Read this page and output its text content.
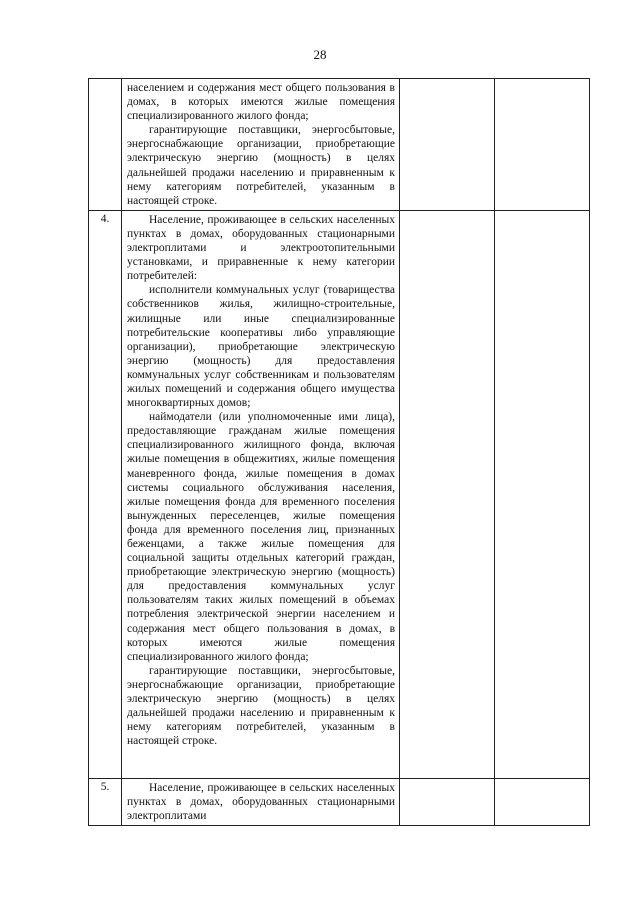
28

	населением и содержания мест общего пользования в домах, в которых имеются жилые помещения специализированного жилого фонда;

гарантирующие поставщики, энергосбытовые, энергоснабжающие организации, приобретающие электрическую энергию (мощность) в целях дальнейшей продажи населению и приравненным к нему категориям потребителей, указанным в настоящей строке.		

4.	Население, проживающее в сельских населенных пунктах в домах, оборудованных стационарными электроплитами и электроотопительными установками, и приравненные к нему категории потребителей:

исполнители коммунальных услуг (товарищества собственников жилья, жилищно-строительные, жилищные или иные специализированные потребительские кооперативы либо управляющие организации), приобретающие электрическую энергию (мощность) для предоставления коммунальных услуг собственникам и пользователям жилых помещений и содержания общего имущества многоквартирных домов;

наймодатели (или уполномоченные ими лица), предоставляющие гражданам жилые помещения специализированного жилищного фонда, включая жилые помещения в общежитиях, жилые помещения маневренного фонда, жилые помещения в домах системы социального обслуживания населения, жилые помещения фонда для временного поселения вынужденных переселенцев, жилые помещения фонда для временного поселения лиц, признанных беженцами, а также жилые помещения для социальной защиты отдельных категорий граждан, приобретающие электрическую энергию (мощность) для предоставления коммунальных услуг пользователям таких жилых помещений в объемах потребления электрической энергии населением и содержания мест общего пользования в домах, в которых имеются жилые помещения специализированного жилого фонда;

гарантирующие поставщики, энергосбытовые, энергоснабжающие организации, приобретающие электрическую энергию (мощность) в целях дальнейшей продажи населению и приравненным к нему категориям потребителей, указанным в настоящей строке.		

5.	Население, проживающее в сельских населенных пунктах в домах, оборудованных стационарными электроплитами		
